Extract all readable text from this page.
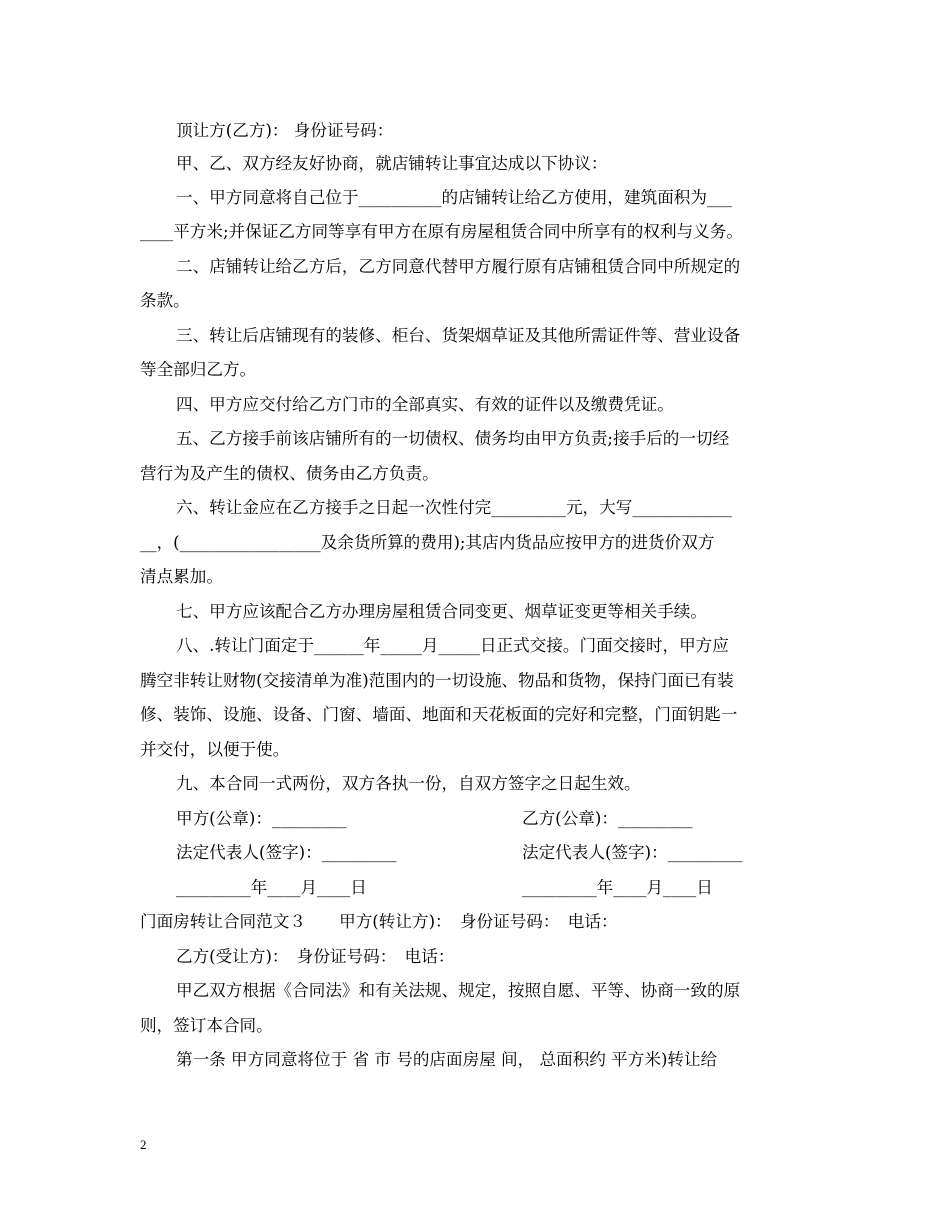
顶让方(乙方)： 身份证号码：
甲、乙、双方经友好协商，就店铺转让事宜达成以下协议：
一、甲方同意将自己位于__________的店铺转让给乙方使用，建筑面积为___
____平方米;并保证乙方同等享有甲方在原有房屋租赁合同中所享有的权利与义务。
二、店铺转让给乙方后，乙方同意代替甲方履行原有店铺租赁合同中所规定的
条款。
三、转让后店铺现有的装修、柜台、货架烟草证及其他所需证件等、营业设备
等全部归乙方。
四、甲方应交付给乙方门市的全部真实、有效的证件以及缴费凭证。
五、乙方接手前该店铺所有的一切债权、债务均由甲方负责;接手后的一切经
营行为及产生的债权、债务由乙方负责。
六、转让金应在乙方接手之日起一次性付完_________元，大写____________
__，(_________________及余货所算的费用);其店内货品应按甲方的进货价双方
清点累加。
七、甲方应该配合乙方办理房屋租赁合同变更、烟草证变更等相关手续。
八、.转让门面定于______年_____月_____日正式交接。门面交接时，甲方应
腾空非转让财物(交接清单为准)范围内的一切设施、物品和货物，保持门面已有装
修、装饰、设施、设备、门窗、墙面、地面和天花板面的完好和完整，门面钥匙一
并交付，以便于使。
九、本合同一式两份，双方各执一份，自双方签字之日起生效。
甲方(公章)：_________	乙方(公章)：_________
法定代表人(签字)：_________	法定代表人(签字)：_________
_________年____月____日	_________年____月____日
门面房转让合同范文３　　甲方(转让方)：　身份证号码：　电话：
乙方(受让方)：　身份证号码：　电话：
甲乙双方根据《合同法》和有关法规、规定，按照自愿、平等、协商一致的原
则，签订本合同。
第一条 甲方同意将位于 省 市 号的店面房屋 间， 总面积约 平方米)转让给
2
